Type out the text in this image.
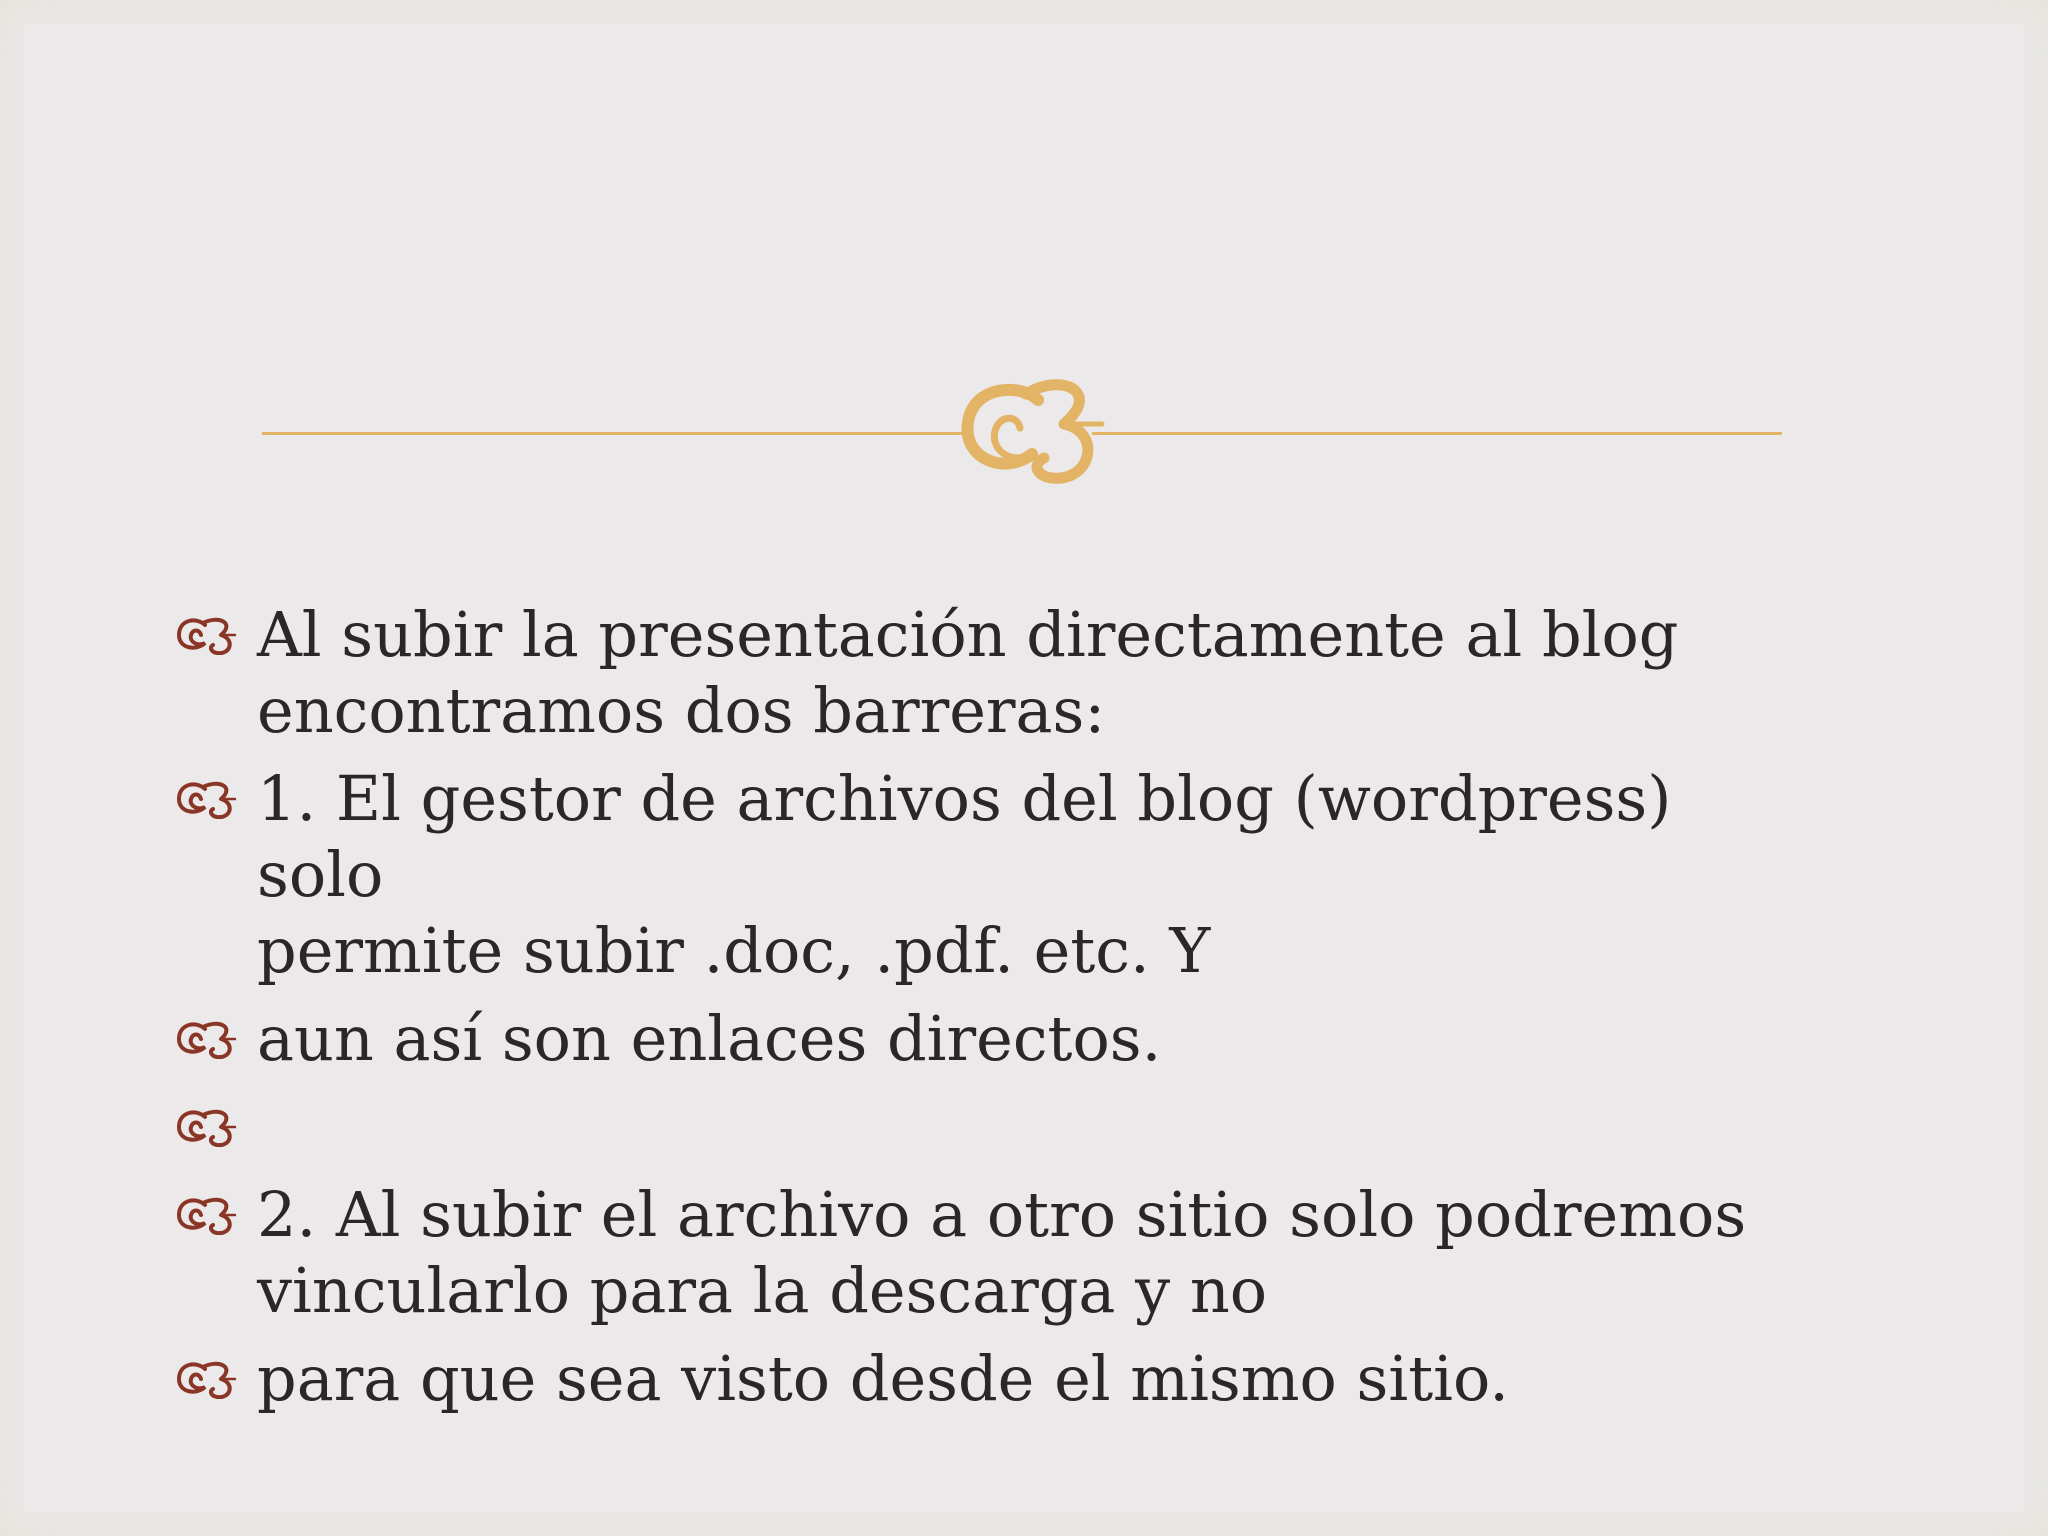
Al subir la presentación directamente al blog
encontramos dos barreras:
1. El gestor de archivos del blog (wordpress) solo
permite subir .doc, .pdf. etc. Y
aun así son enlaces directos.
2. Al subir el archivo a otro sitio solo podremos
vincularlo para la descarga y no
para que sea visto desde el mismo sitio.
